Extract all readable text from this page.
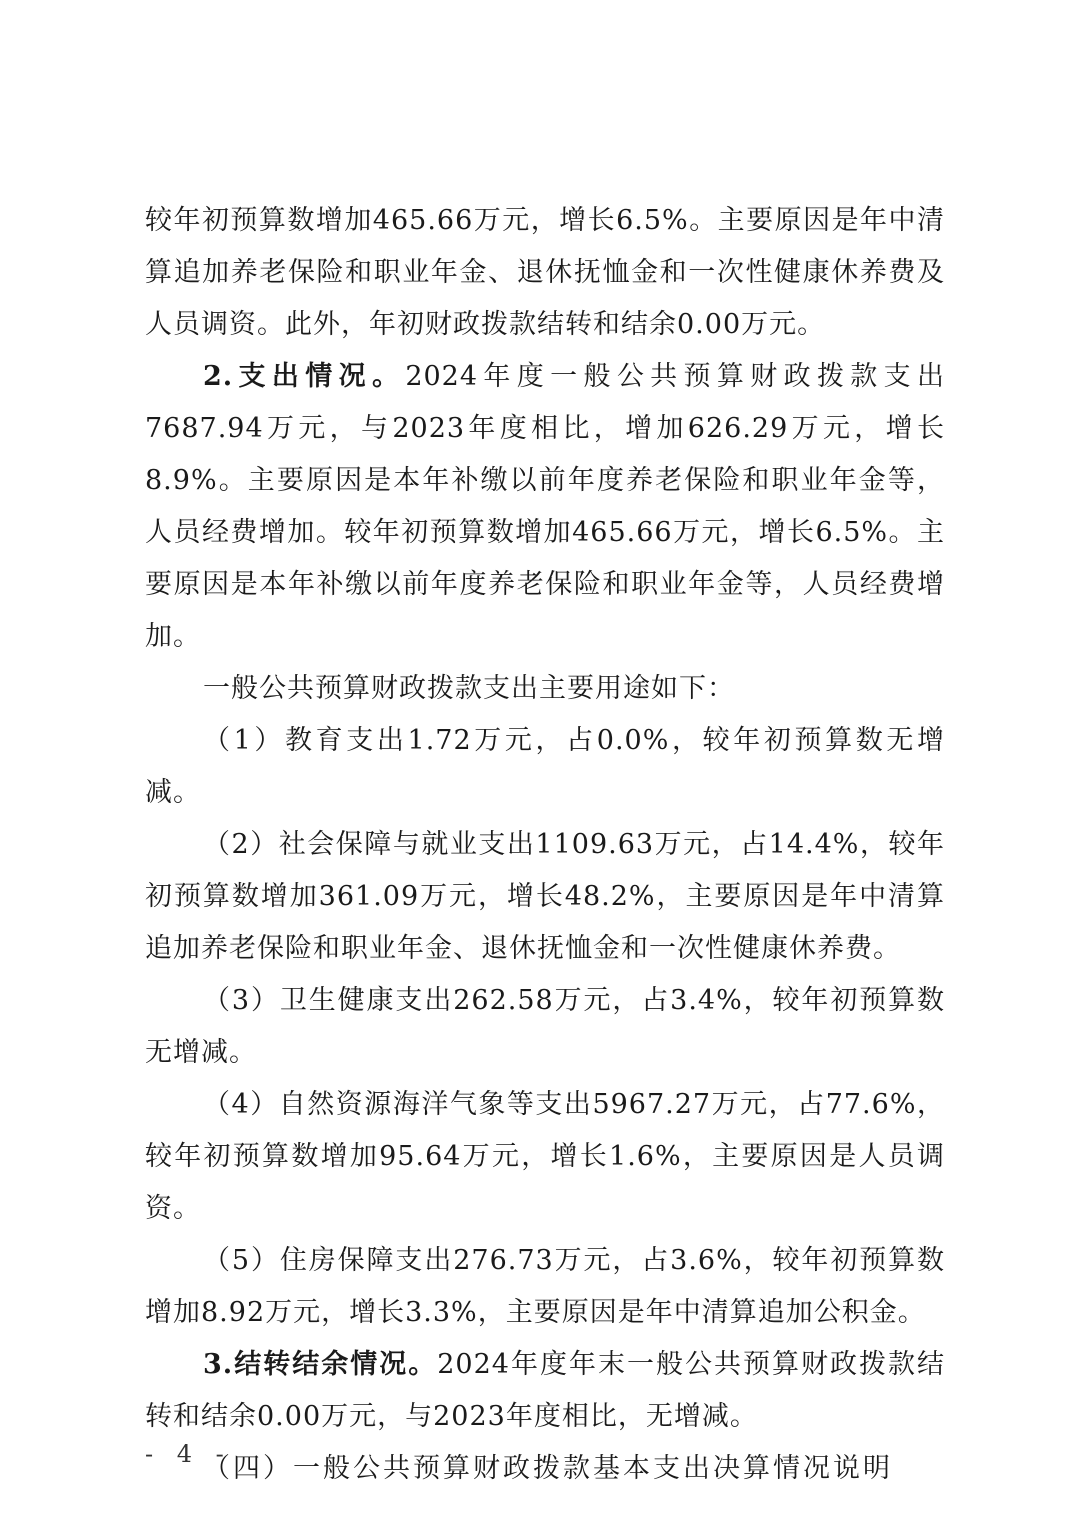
较年初预算数增加465.66万元，增长6.5%。主要原因是年中清算追加养老保险和职业年金、退休抚恤金和一次性健康休养费及人员调资。此外，年初财政拨款结转和结余0.00万元。

2.支出情况。2024年度一般公共预算财政拨款支出7687.94万元，与2023年度相比，增加626.29万元，增长8.9%。主要原因是本年补缴以前年度养老保险和职业年金等，人员经费增加。较年初预算数增加465.66万元，增长6.5%。主要原因是本年补缴以前年度养老保险和职业年金等，人员经费增加。

一般公共预算财政拨款支出主要用途如下：

（1）教育支出1.72万元，占0.0%，较年初预算数无增减。

（2）社会保障与就业支出1109.63万元，占14.4%，较年初预算数增加361.09万元，增长48.2%，主要原因是年中清算追加养老保险和职业年金、退休抚恤金和一次性健康休养费。

（3）卫生健康支出262.58万元，占3.4%，较年初预算数无增减。

（4）自然资源海洋气象等支出5967.27万元，占77.6%，较年初预算数增加95.64万元，增长1.6%，主要原因是人员调资。

（5）住房保障支出276.73万元，占3.6%，较年初预算数增加8.92万元，增长3.3%，主要原因是年中清算追加公积金。

3.结转结余情况。2024年度年末一般公共预算财政拨款结转和结余0.00万元，与2023年度相比，无增减。

（四）一般公共预算财政拨款基本支出决算情况说明

- 4 -
